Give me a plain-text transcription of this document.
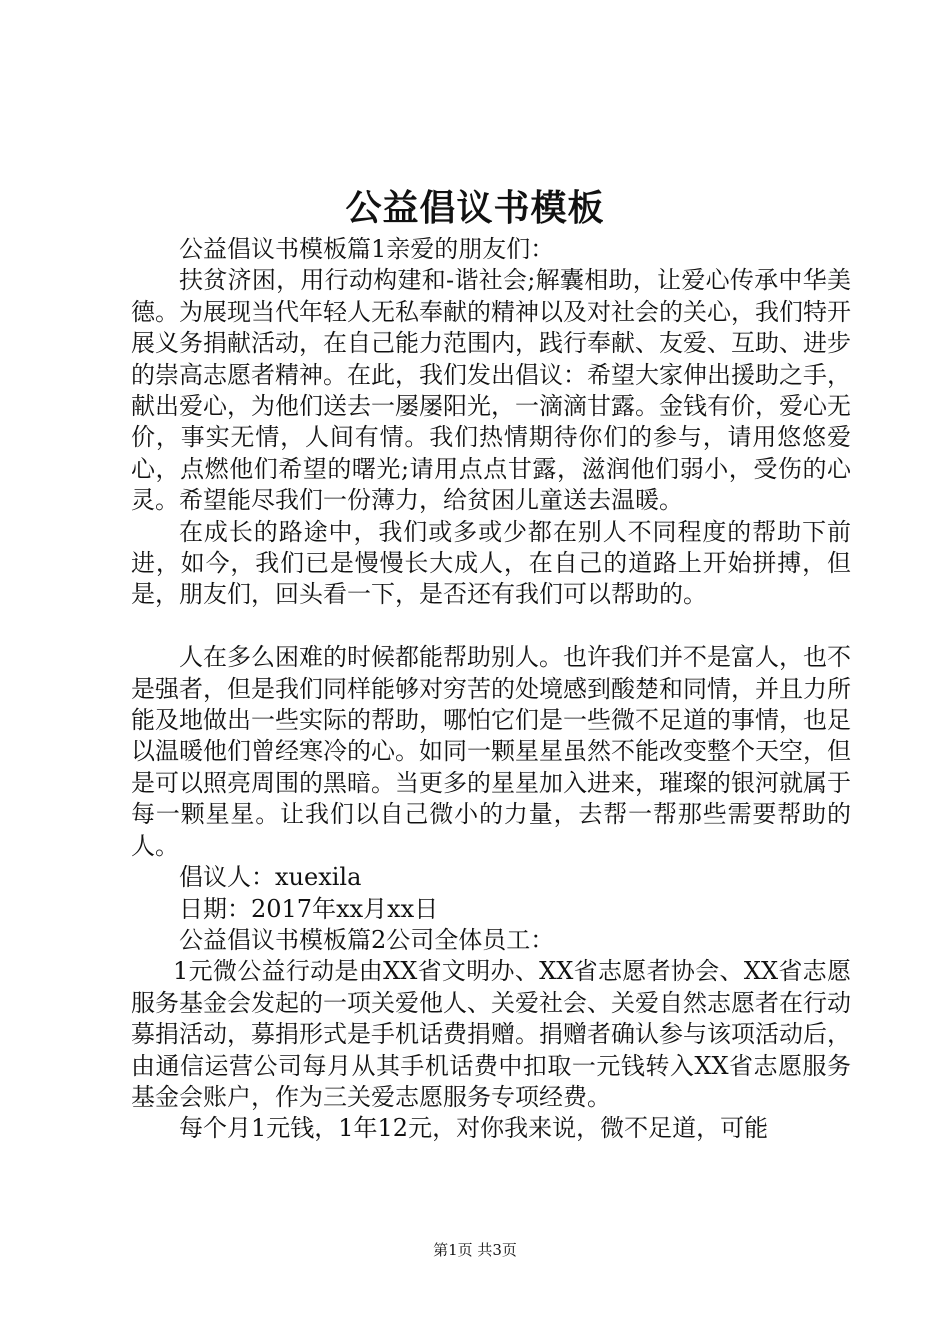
公益倡议书模板

公益倡议书模板篇1亲爱的朋友们：

扶贫济困，用行动构建和-谐社会;解囊相助，让爱心传承中华美德。为展现当代年轻人无私奉献的精神以及对社会的关心，我们特开展义务捐献活动，在自己能力范围内，践行奉献、友爱、互助、进步的崇高志愿者精神。在此，我们发出倡议：希望大家伸出援助之手，献出爱心，为他们送去一屡屡阳光，一滴滴甘露。金钱有价，爱心无价，事实无情，人间有情。我们热情期待你们的参与，请用悠悠爱心，点燃他们希望的曙光;请用点点甘露，滋润他们弱小，受伤的心灵。希望能尽我们一份薄力，给贫困儿童送去温暖。

在成长的路途中，我们或多或少都在别人不同程度的帮助下前进，如今，我们已是慢慢长大成人，在自己的道路上开始拼搏，但是，朋友们，回头看一下，是否还有我们可以帮助的。

人在多么困难的时候都能帮助别人。也许我们并不是富人，也不是强者，但是我们同样能够对穷苦的处境感到酸楚和同情，并且力所能及地做出一些实际的帮助，哪怕它们是一些微不足道的事情，也足以温暖他们曾经寒冷的心。如同一颗星星虽然不能改变整个天空，但是可以照亮周围的黑暗。当更多的星星加入进来，璀璨的银河就属于每一颗星星。让我们以自己微小的力量，去帮一帮那些需要帮助的人。

倡议人：xuexila

日期：2017年xx月xx日

公益倡议书模板篇2公司全体员工：

1元微公益行动是由XX省文明办、XX省志愿者协会、XX省志愿服务基金会发起的一项关爱他人、关爱社会、关爱自然志愿者在行动募捐活动，募捐形式是手机话费捐赠。捐赠者确认参与该项活动后，由通信运营公司每月从其手机话费中扣取一元钱转入XX省志愿服务基金会账户，作为三关爱志愿服务专项经费。

每个月1元钱，1年12元，对你我来说，微不足道，可能

第1页 共3页
